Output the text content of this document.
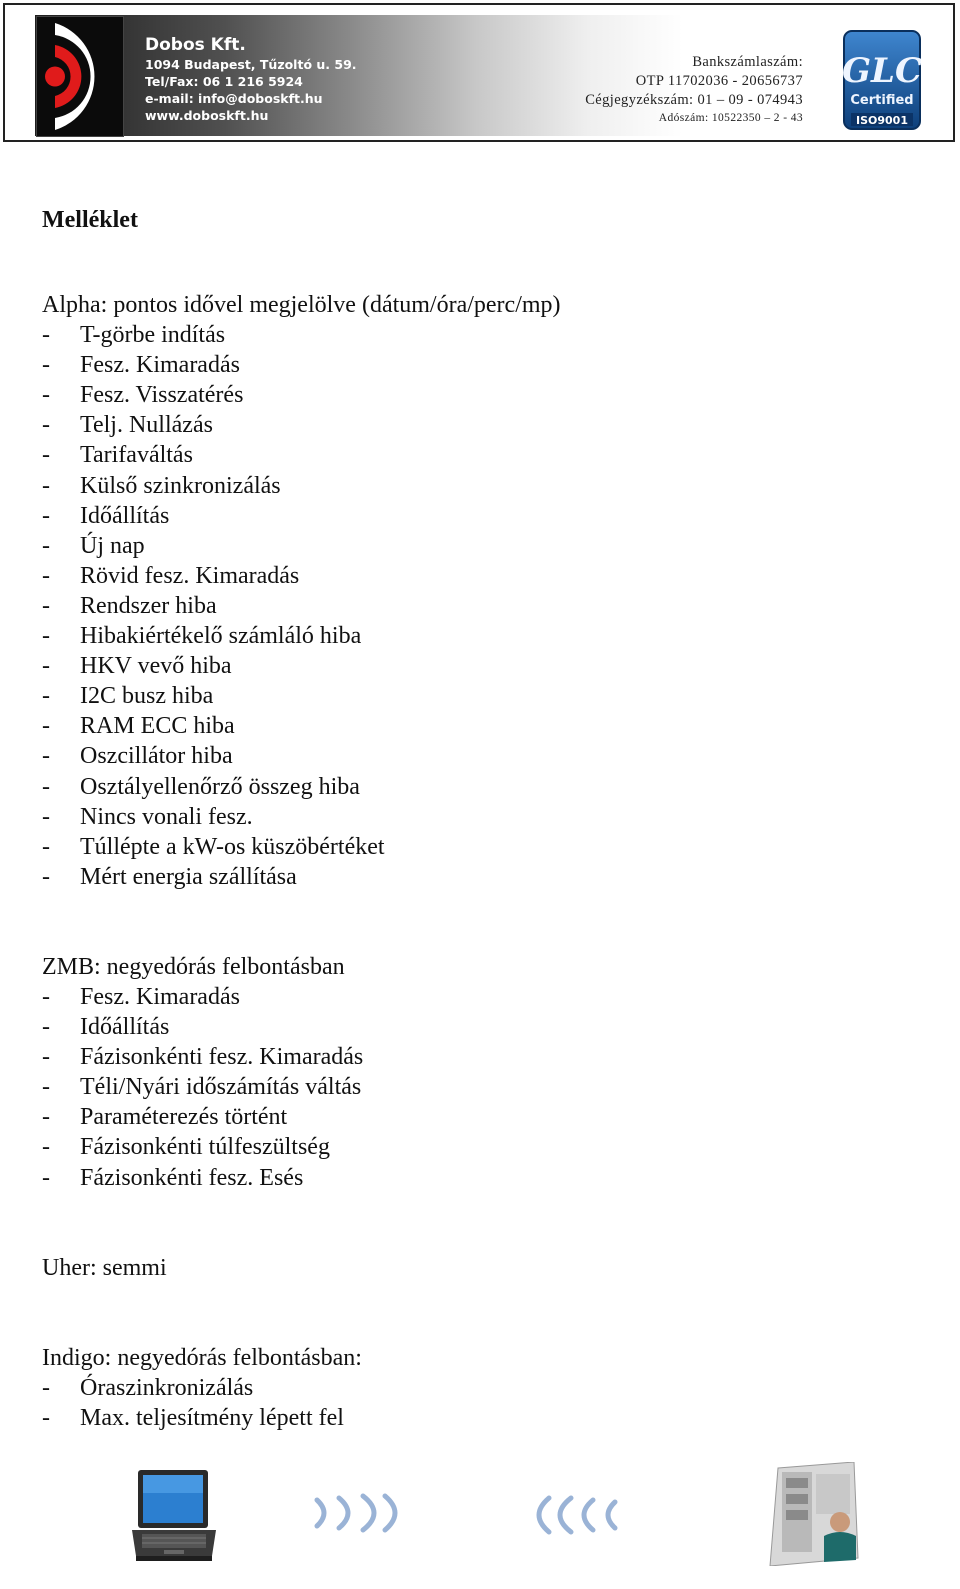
Dobos Kft.
1094 Budapest, Tűzoltó u. 59.
Tel/Fax: 06 1 216 5924
e-mail: info@doboskft.hu
www.doboskft.hu
Bankszámlaszám:
OTP 11702036 - 20656737
Cégjegyzékszám: 01 – 09 - 074943
Adószám: 10522350 – 2 - 43
GLC
Certified
ISO9001
Melléklet
Alpha: pontos idővel megjelölve (dátum/óra/perc/mp)
- T-görbe indítás
- Fesz. Kimaradás
- Fesz. Visszatérés
- Telj. Nullázás
- Tarifaváltás
- Külső szinkronizálás
- Időállítás
- Új nap
- Rövid fesz. Kimaradás
- Rendszer hiba
- Hibakiértékelő számláló hiba
- HKV vevő hiba
- I2C busz hiba
- RAM ECC hiba
- Oszcillátor hiba
- Osztályellenőrző összeg hiba
- Nincs vonali fesz.
- Túllépte a kW-os küszöbértéket
- Mért energia szállítása
ZMB: negyedórás felbontásban
- Fesz. Kimaradás
- Időállítás
- Fázisonkénti fesz. Kimaradás
- Téli/Nyári időszámítás váltás
- Paraméterezés történt
- Fázisonkénti túlfeszültség
- Fázisonkénti fesz. Esés
Uher: semmi
Indigo: negyedórás felbontásban:
- Óraszinkronizálás
- Max. teljesítmény lépett fel
